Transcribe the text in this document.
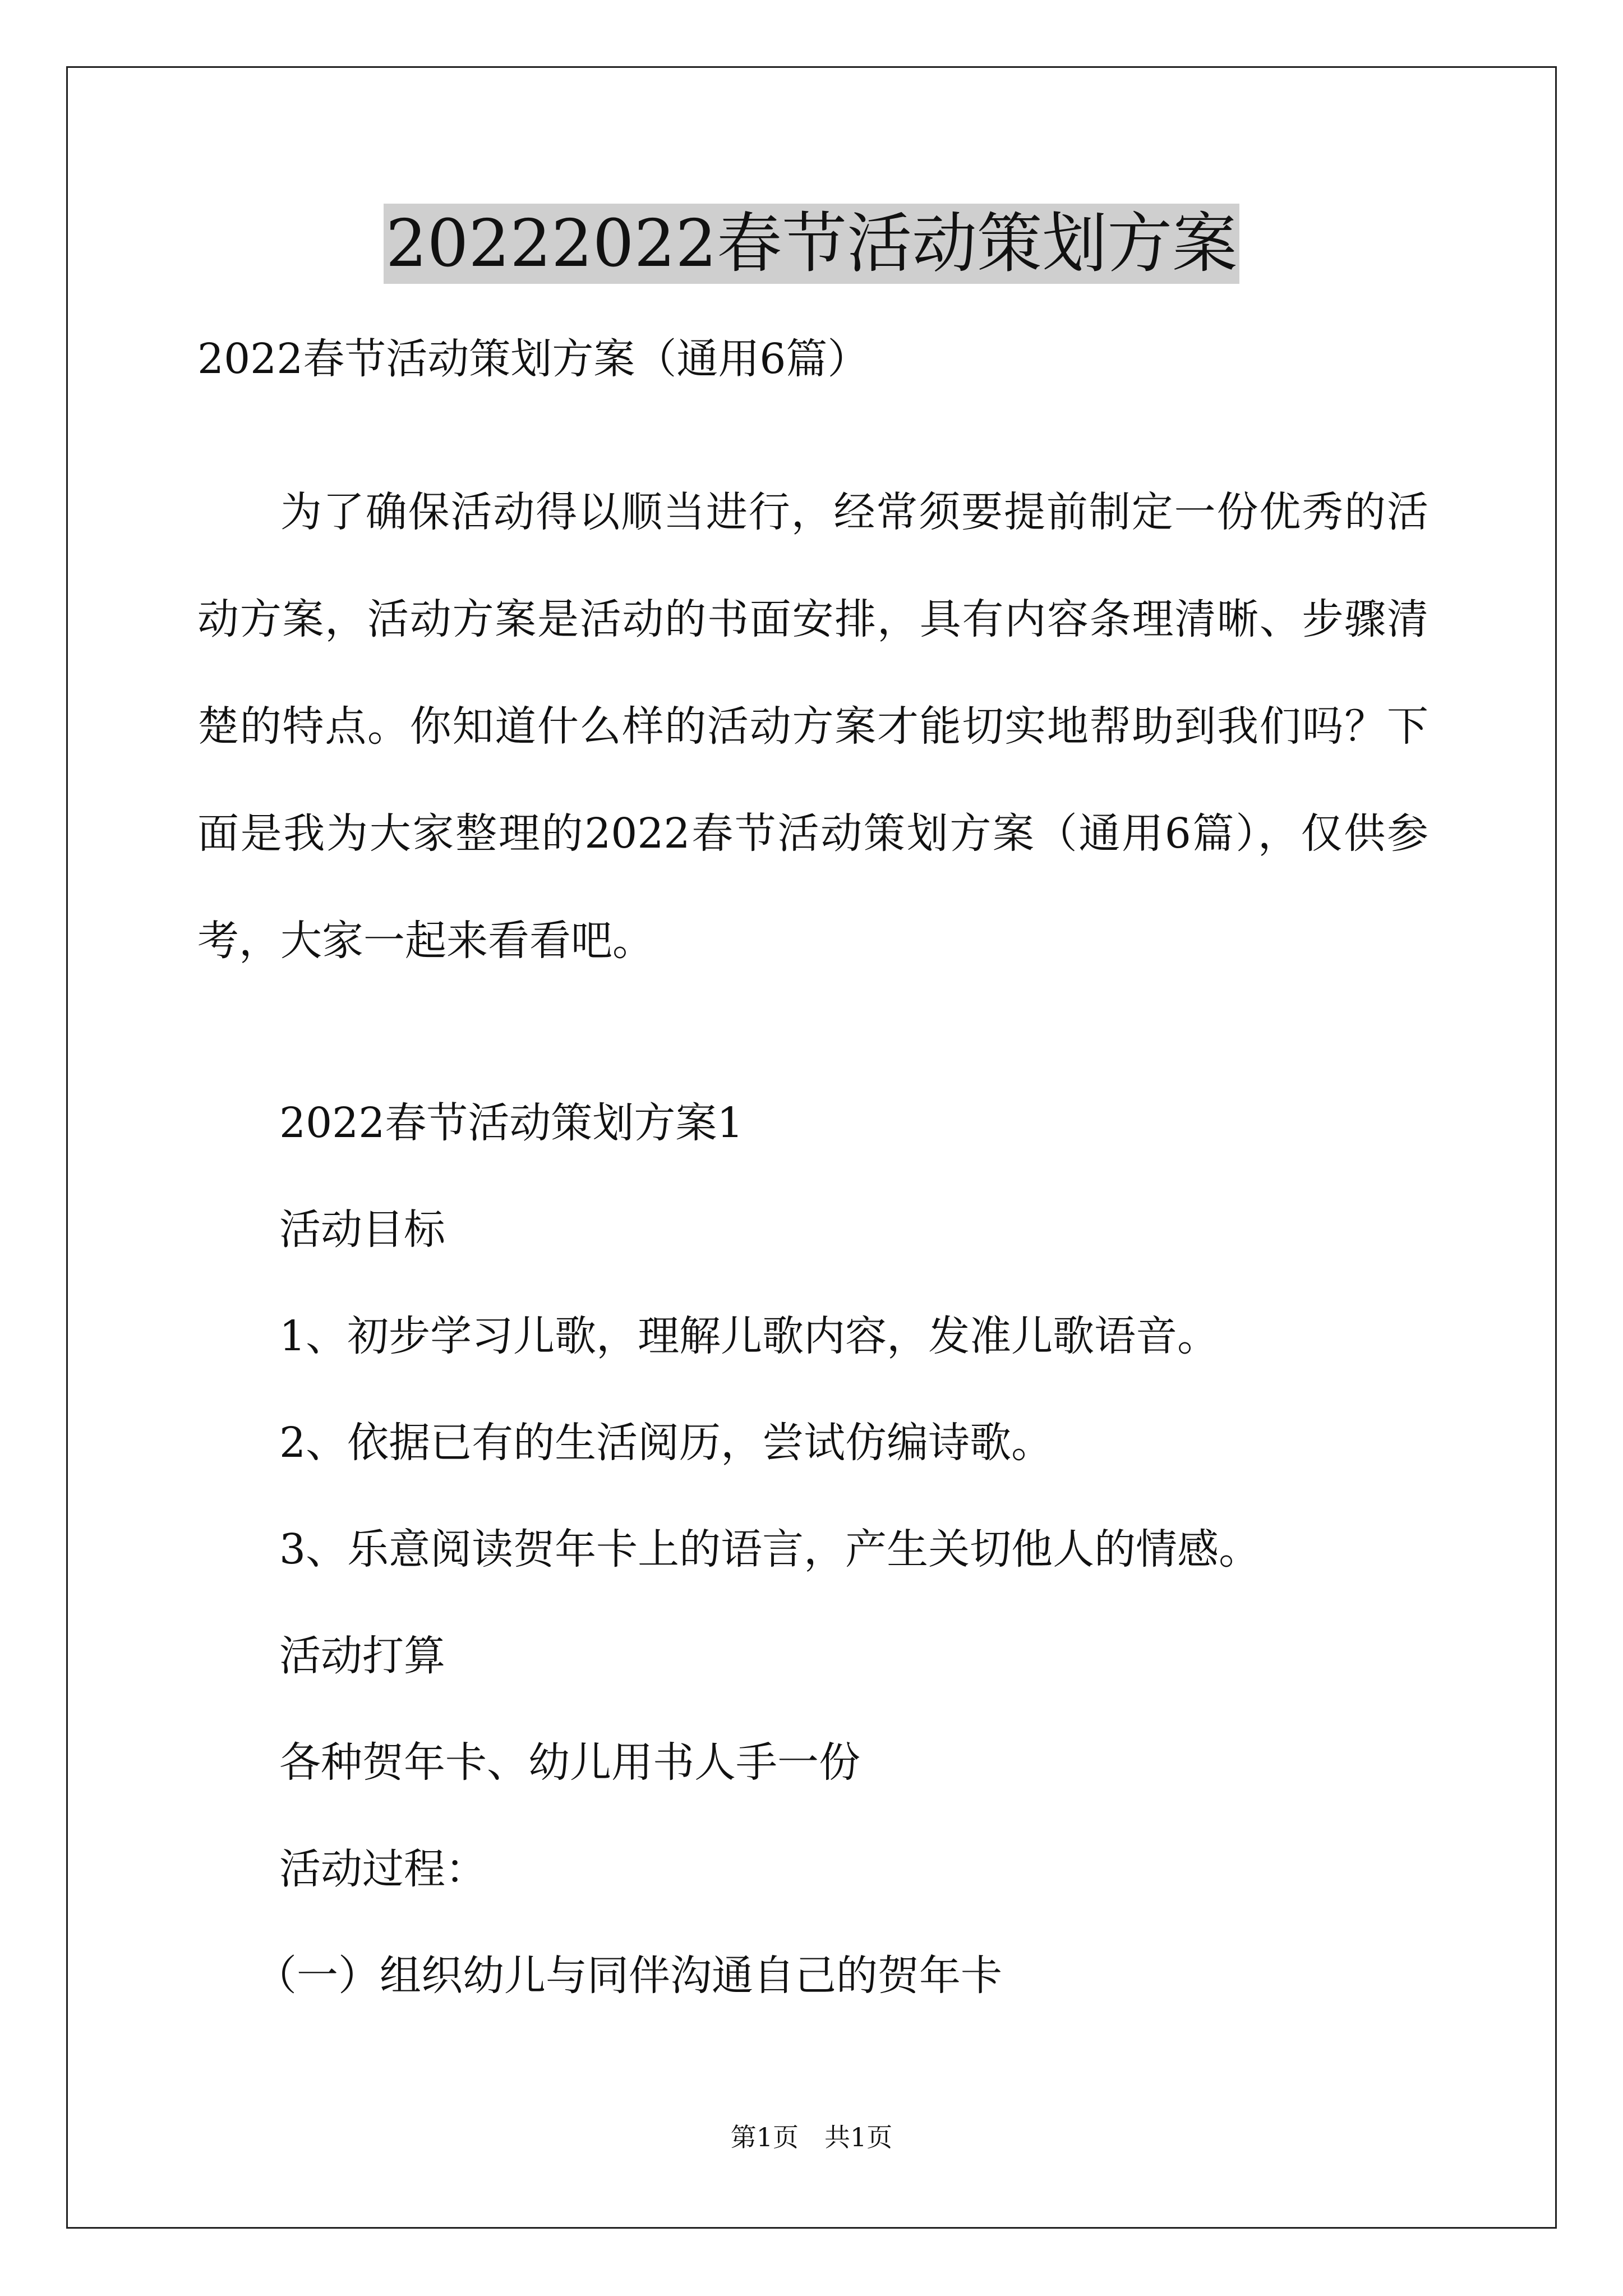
20222022春节活动策划方案

2022春节活动策划方案（通用6篇）

为了确保活动得以顺当进行，经常须要提前制定一份优秀的活动方案，活动方案是活动的书面安排，具有内容条理清晰、步骤清楚的特点。你知道什么样的活动方案才能切实地帮助到我们吗？下面是我为大家整理的2022春节活动策划方案（通用6篇），仅供参考，大家一起来看看吧。

2022春节活动策划方案1

活动目标

1、初步学习儿歌，理解儿歌内容，发准儿歌语音。

2、依据已有的生活阅历，尝试仿编诗歌。

3、乐意阅读贺年卡上的语言，产生关切他人的情感。

活动打算

各种贺年卡、幼儿用书人手一份

活动过程：

（一）组织幼儿与同伴沟通自己的贺年卡

第1页　共1页
